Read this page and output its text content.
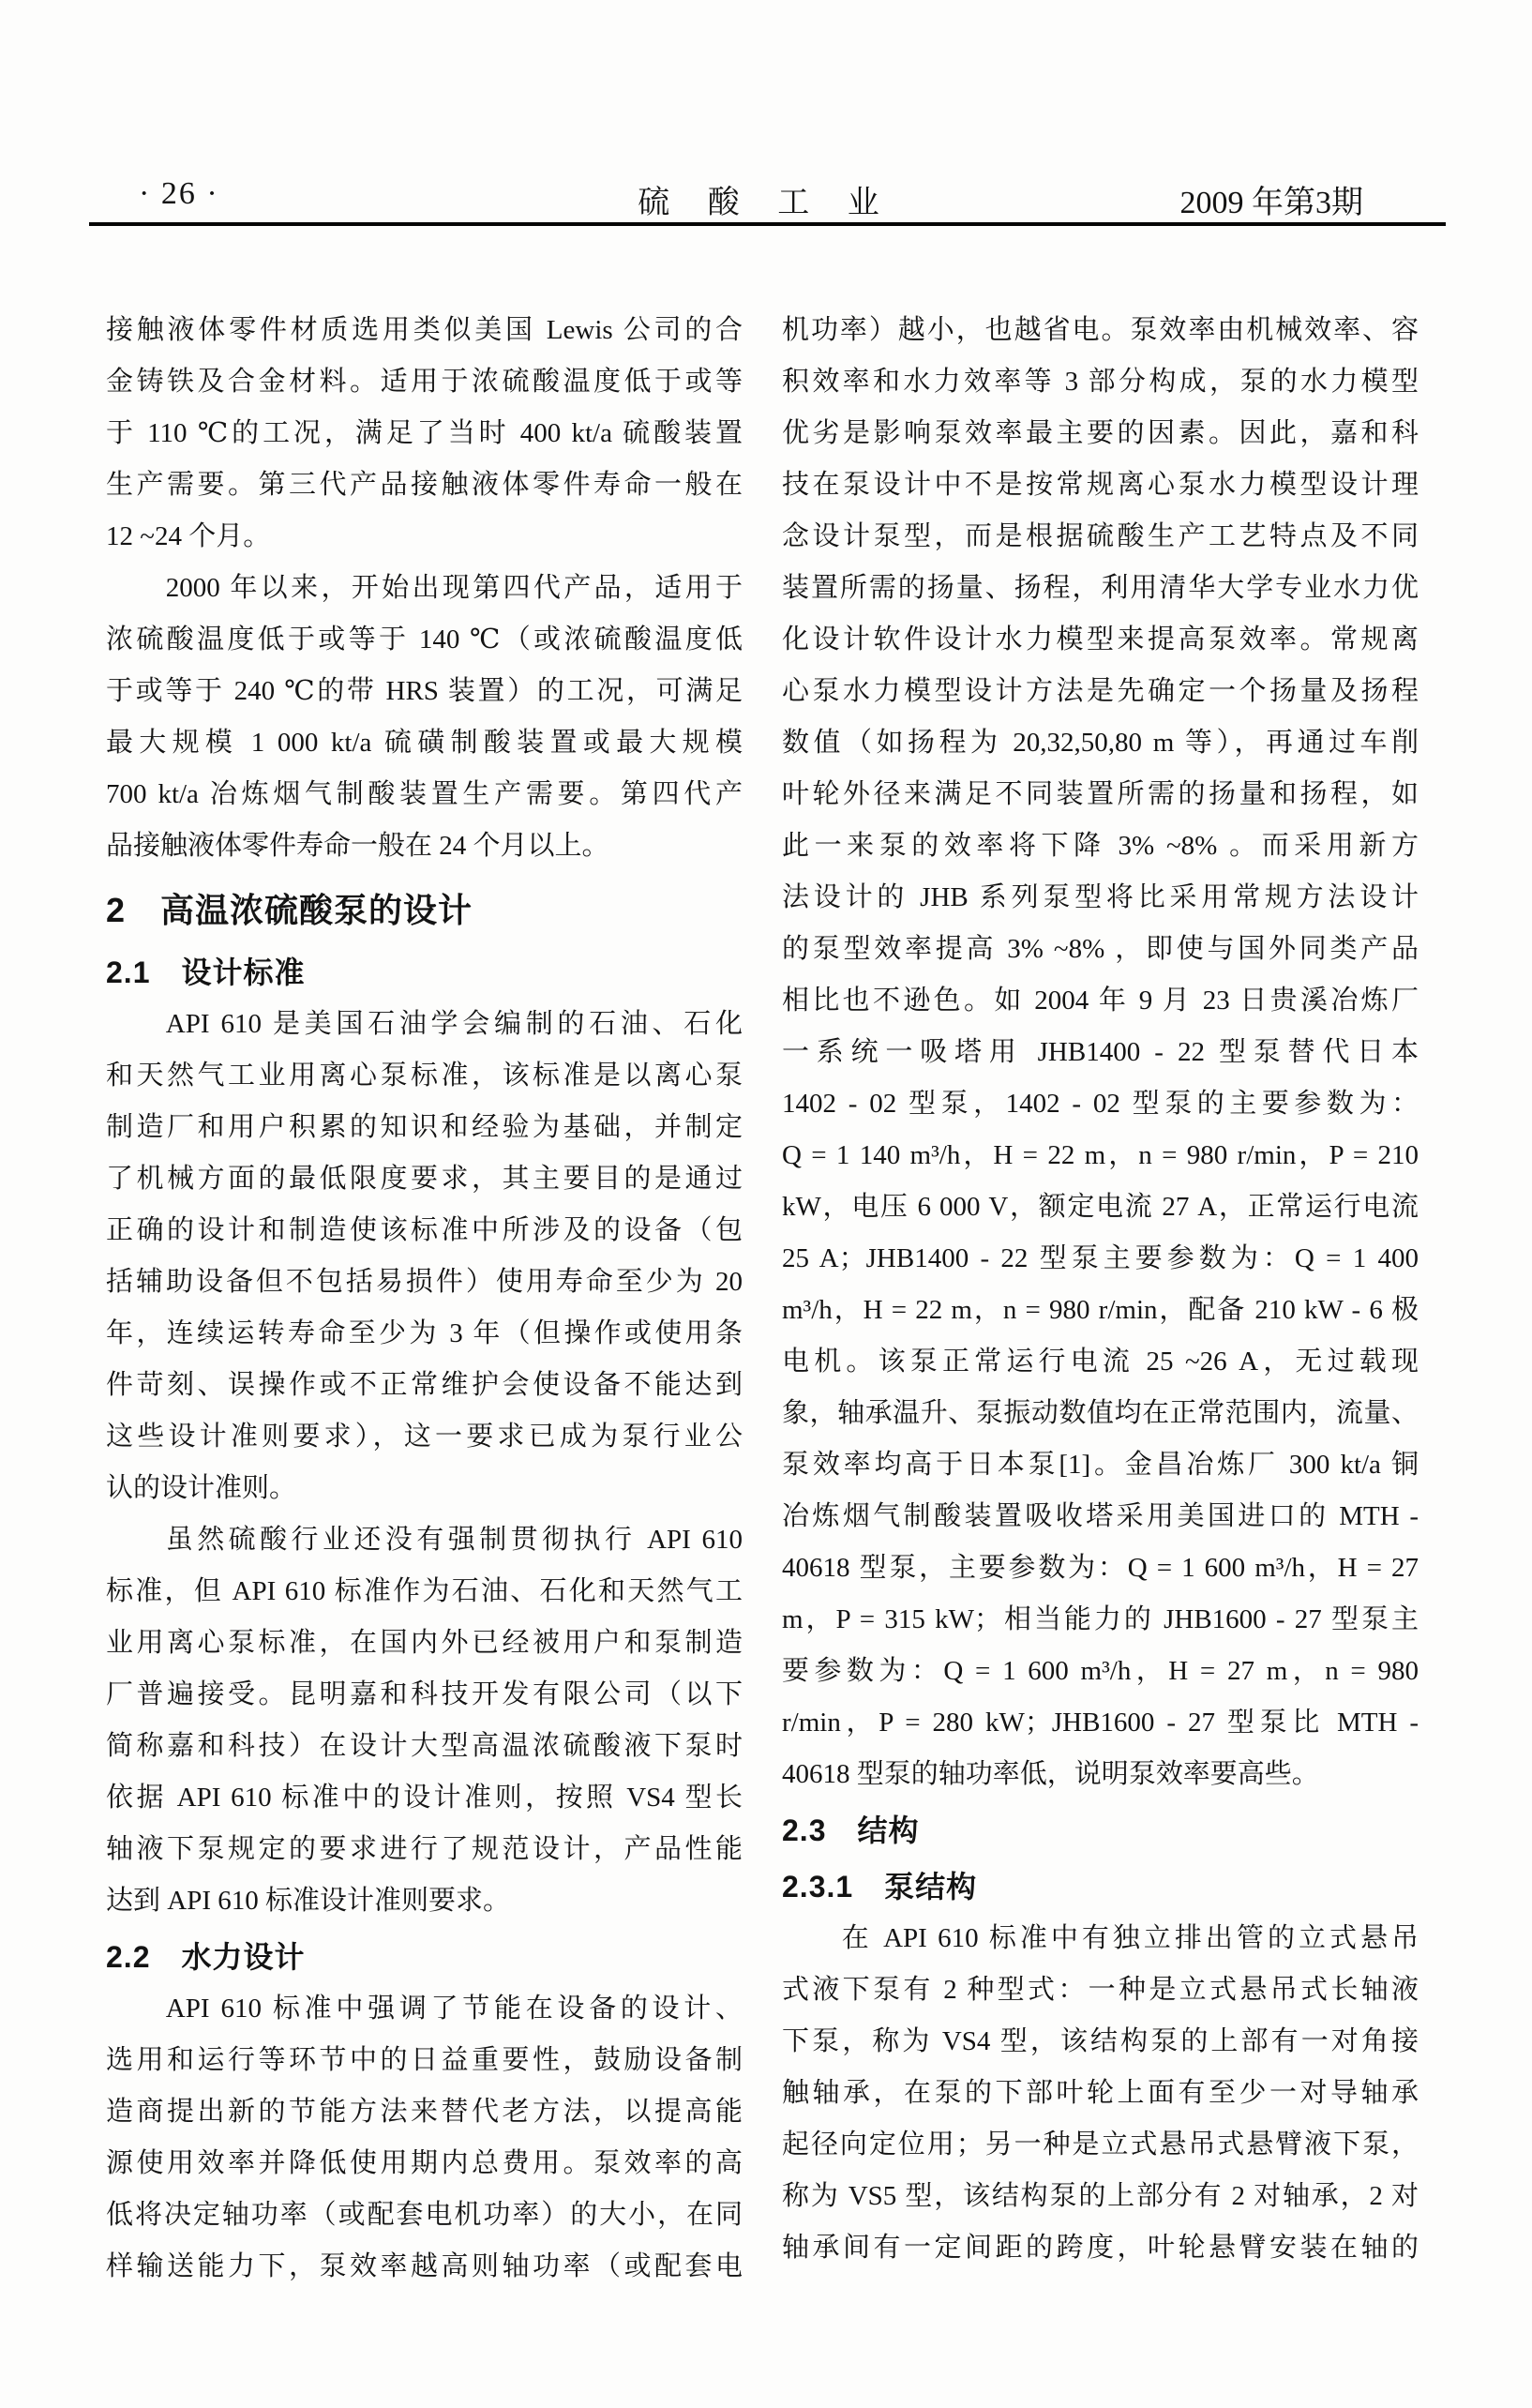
· 26 ·	硫 酸 工 业	2009 年第3期
接触液体零件材质选用类似美国 Lewis 公司的合
金铸铁及合金材料。适用于浓硫酸温度低于或等
于 110 ℃的工况，满足了当时 400 kt/a 硫酸装置
生产需要。第三代产品接触液体零件寿命一般在
12 ~24 个月。
2000 年以来，开始出现第四代产品，适用于
浓硫酸温度低于或等于 140 ℃（或浓硫酸温度低
于或等于 240 ℃的带 HRS 装置）的工况，可满足
最大规模 1 000 kt/a 硫磺制酸装置或最大规模
700 kt/a 冶炼烟气制酸装置生产需要。第四代产
品接触液体零件寿命一般在 24 个月以上。
2　高温浓硫酸泵的设计
2.1　设计标准
API 610 是美国石油学会编制的石油、石化
和天然气工业用离心泵标准，该标准是以离心泵
制造厂和用户积累的知识和经验为基础，并制定
了机械方面的最低限度要求，其主要目的是通过
正确的设计和制造使该标准中所涉及的设备（包
括辅助设备但不包括易损件）使用寿命至少为 20
年，连续运转寿命至少为 3 年（但操作或使用条
件苛刻、误操作或不正常维护会使设备不能达到
这些设计准则要求），这一要求已成为泵行业公
认的设计准则。
虽然硫酸行业还没有强制贯彻执行 API 610
标准，但 API 610 标准作为石油、石化和天然气工
业用离心泵标准，在国内外已经被用户和泵制造
厂普遍接受。昆明嘉和科技开发有限公司（以下
简称嘉和科技）在设计大型高温浓硫酸液下泵时
依据 API 610 标准中的设计准则，按照 VS4 型长
轴液下泵规定的要求进行了规范设计，产品性能
达到 API 610 标准设计准则要求。
2.2　水力设计
API 610 标准中强调了节能在设备的设计、
选用和运行等环节中的日益重要性，鼓励设备制
造商提出新的节能方法来替代老方法，以提高能
源使用效率并降低使用期内总费用。泵效率的高
低将决定轴功率（或配套电机功率）的大小，在同
样输送能力下，泵效率越高则轴功率（或配套电
机功率）越小，也越省电。泵效率由机械效率、容
积效率和水力效率等 3 部分构成，泵的水力模型
优劣是影响泵效率最主要的因素。因此，嘉和科
技在泵设计中不是按常规离心泵水力模型设计理
念设计泵型，而是根据硫酸生产工艺特点及不同
装置所需的扬量、扬程，利用清华大学专业水力优
化设计软件设计水力模型来提高泵效率。常规离
心泵水力模型设计方法是先确定一个扬量及扬程
数值（如扬程为 20,32,50,80 m 等），再通过车削
叶轮外径来满足不同装置所需的扬量和扬程，如
此一来泵的效率将下降 3% ~8% 。而采用新方
法设计的 JHB 系列泵型将比采用常规方法设计
的泵型效率提高 3% ~8% ，即使与国外同类产品
相比也不逊色。如 2004 年 9 月 23 日贵溪冶炼厂
一系统一吸塔用 JHB1400 - 22 型泵替代日本
1402 - 02 型泵，1402 - 02 型泵的主要参数为：
Q = 1 140 m³/h，H = 22 m，n = 980 r/min，P = 210
kW，电压 6 000 V，额定电流 27 A，正常运行电流
25 A；JHB1400 - 22 型泵主要参数为：Q = 1 400
m³/h，H = 22 m，n = 980 r/min，配备 210 kW - 6 极
电机。该泵正常运行电流 25 ~26 A，无过载现
象，轴承温升、泵振动数值均在正常范围内，流量、
泵效率均高于日本泵[1]。金昌冶炼厂 300 kt/a 铜
冶炼烟气制酸装置吸收塔采用美国进口的 MTH -
40618 型泵，主要参数为：Q = 1 600 m³/h，H = 27
m，P = 315 kW；相当能力的 JHB1600 - 27 型泵主
要参数为：Q = 1 600 m³/h，H = 27 m，n = 980
r/min，P = 280 kW；JHB1600 - 27 型泵比 MTH -
40618 型泵的轴功率低，说明泵效率要高些。
2.3　结构
2.3.1　泵结构
在 API 610 标准中有独立排出管的立式悬吊
式液下泵有 2 种型式：一种是立式悬吊式长轴液
下泵，称为 VS4 型，该结构泵的上部有一对角接
触轴承，在泵的下部叶轮上面有至少一对导轴承
起径向定位用；另一种是立式悬吊式悬臂液下泵，
称为 VS5 型，该结构泵的上部分有 2 对轴承，2 对
轴承间有一定间距的跨度，叶轮悬臂安装在轴的
